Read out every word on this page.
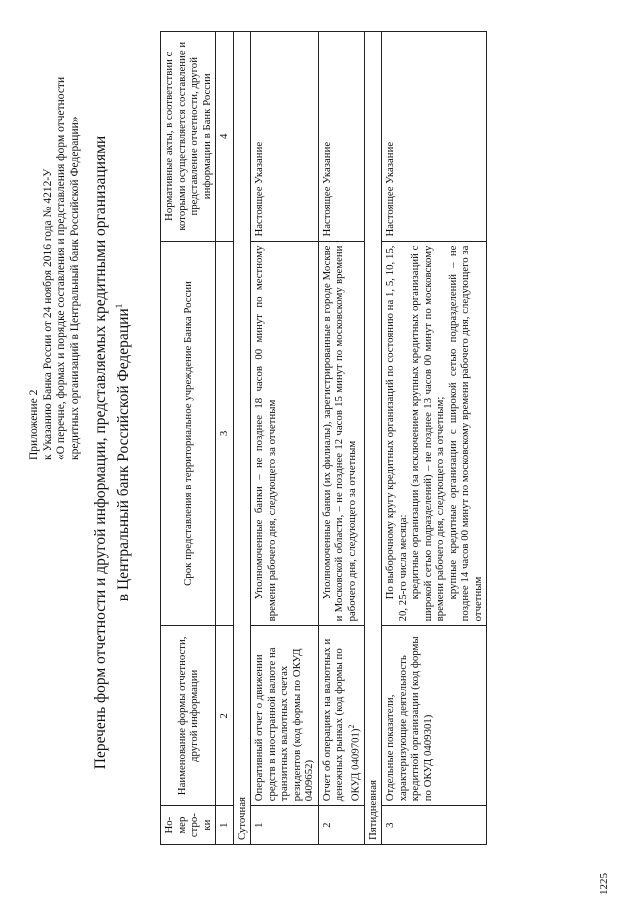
Приложение 2 к Указанию Банка России от 24 ноября 2016 года № 4212-У «О перечне, формах и порядке составления и представления форм отчетности кредитных организаций в Центральный банк Российской Федерации» Перечень форм отчетности и другой информации, представляемых кредитными организациями в Центральный банк Российской Федерации$^1$
Но-мер стро-ки	Наименование формы отчетности, другой информации	Срок представления в территориальное учреждение Банка России	Нормативные акты, в соответствии с которыми осуществляется составление и представление отчетности, другой информации в Банк России
1	2	3	4
Суточная			
1	Оперативный отчет о движении средств в иностранной валюте на транзитных валютных счетах резидентов (код формы по ОКУД 0409652)	Уполномоченные банки – не позднее 18 часов 00 минут по местному времени рабочего дня, следующего за отчетным	Настоящее Указание
2	Отчет об операциях на валютных и денежных рынках (код формы по ОКУД 0409701)$^2$	Уполномоченные банки (их филиалы), зарегистрированные в городе Москве и Московской области, – не позднее 12 часов 15 минут по московскому времени рабочего дня, следующего за отчетным	Настоящее Указание
Пятидневная			
3	Отдельные показатели, характеризующие деятельность кредитной организации (код формы по ОКУД 0409301)	По выборочному кругу кредитных организаций по состоянию на 1, 5, 10, 15, 20, 25-го числа месяца: кредитные организации (за исключением крупных кредитных организаций с широкой сетью подразделений) – не позднее 13 часов 00 минут по московскому времени рабочего дня, следующего за отчетным; крупные кредитные организации с широкой сетью подразделений – не позднее 14 часов 00 минут по московскому времени рабочего дня, следующего за отчетным	Настоящее Указание
1225
